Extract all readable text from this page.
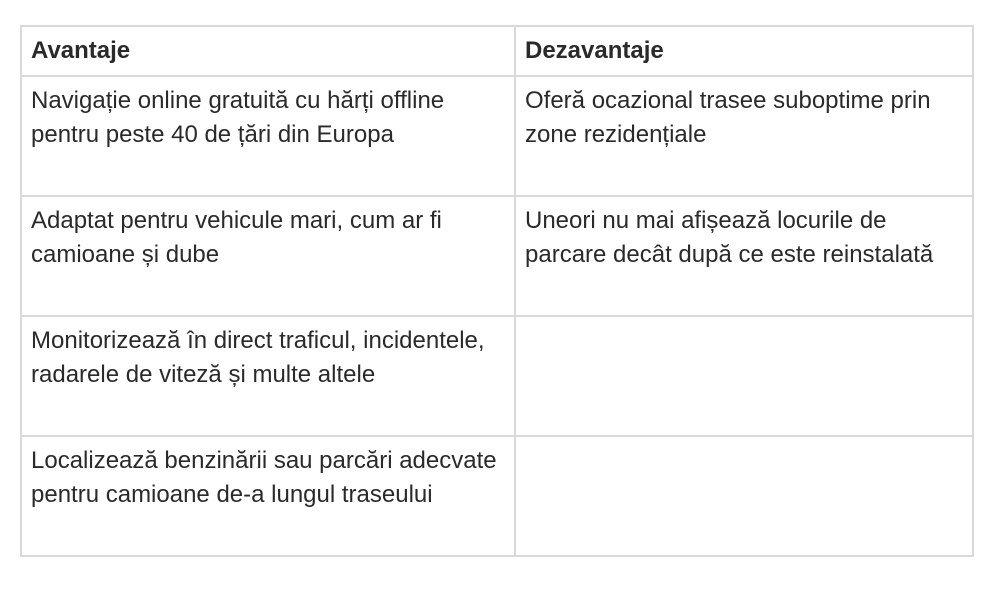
Avantaje	Dezavantaje
Navigație online gratuită cu hărți offline pentru peste 40 de țări din Europa	Oferă ocazional trasee suboptime prin zone rezidențiale
Adaptat pentru vehicule mari, cum ar fi camioane și dube	Uneori nu mai afișează locurile de parcare decât după ce este reinstalată
Monitorizează în direct traficul, incidentele, radarele de viteză și multe altele	
Localizează benzinării sau parcări adecvate pentru camioane de-a lungul traseului	
